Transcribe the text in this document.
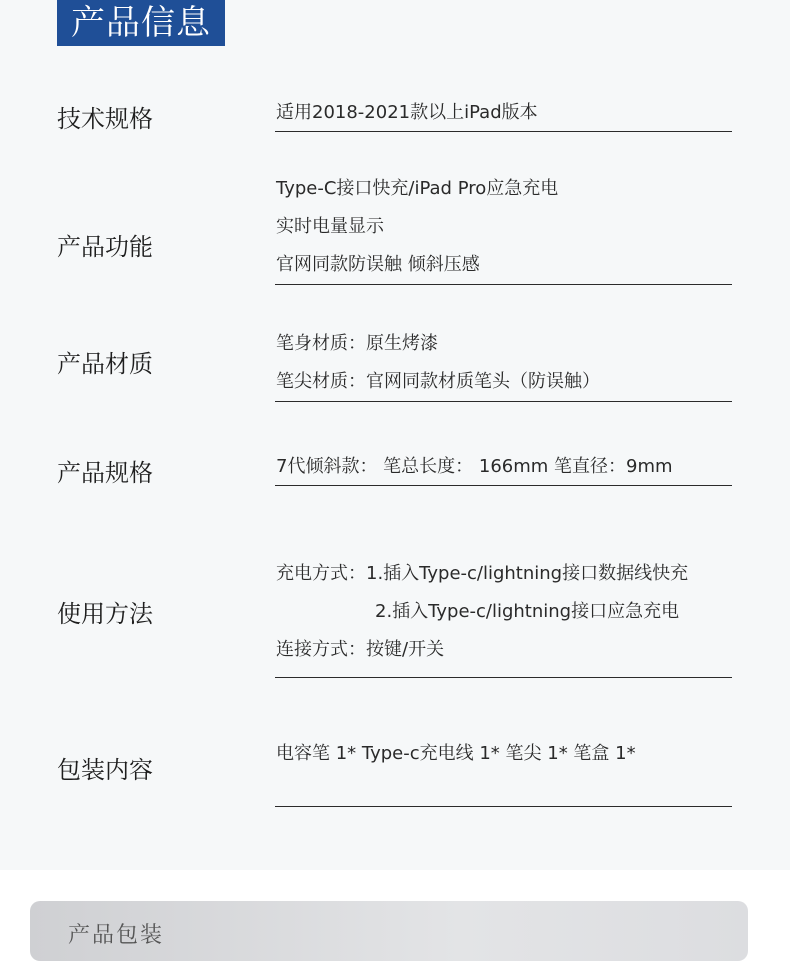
产品信息
技术规格	适用2018-2021款以上iPad版本
产品功能
Type-C接口快充/iPad Pro应急充电
实时电量显示
官网同款防误触 倾斜压感
产品材质
笔身材质：原生烤漆
笔尖材质：官网同款材质笔头（防误触）
产品规格	7代倾斜款： 笔总长度： 166mm 笔直径：9mm
使用方法
充电方式：1.插入Type-c/lightning接口数据线快充
2.插入Type-c/lightning接口应急充电
连接方式：按键/开关
包装内容
电容笔 1* Type-c充电线 1* 笔尖 1* 笔盒 1*
产品包装
